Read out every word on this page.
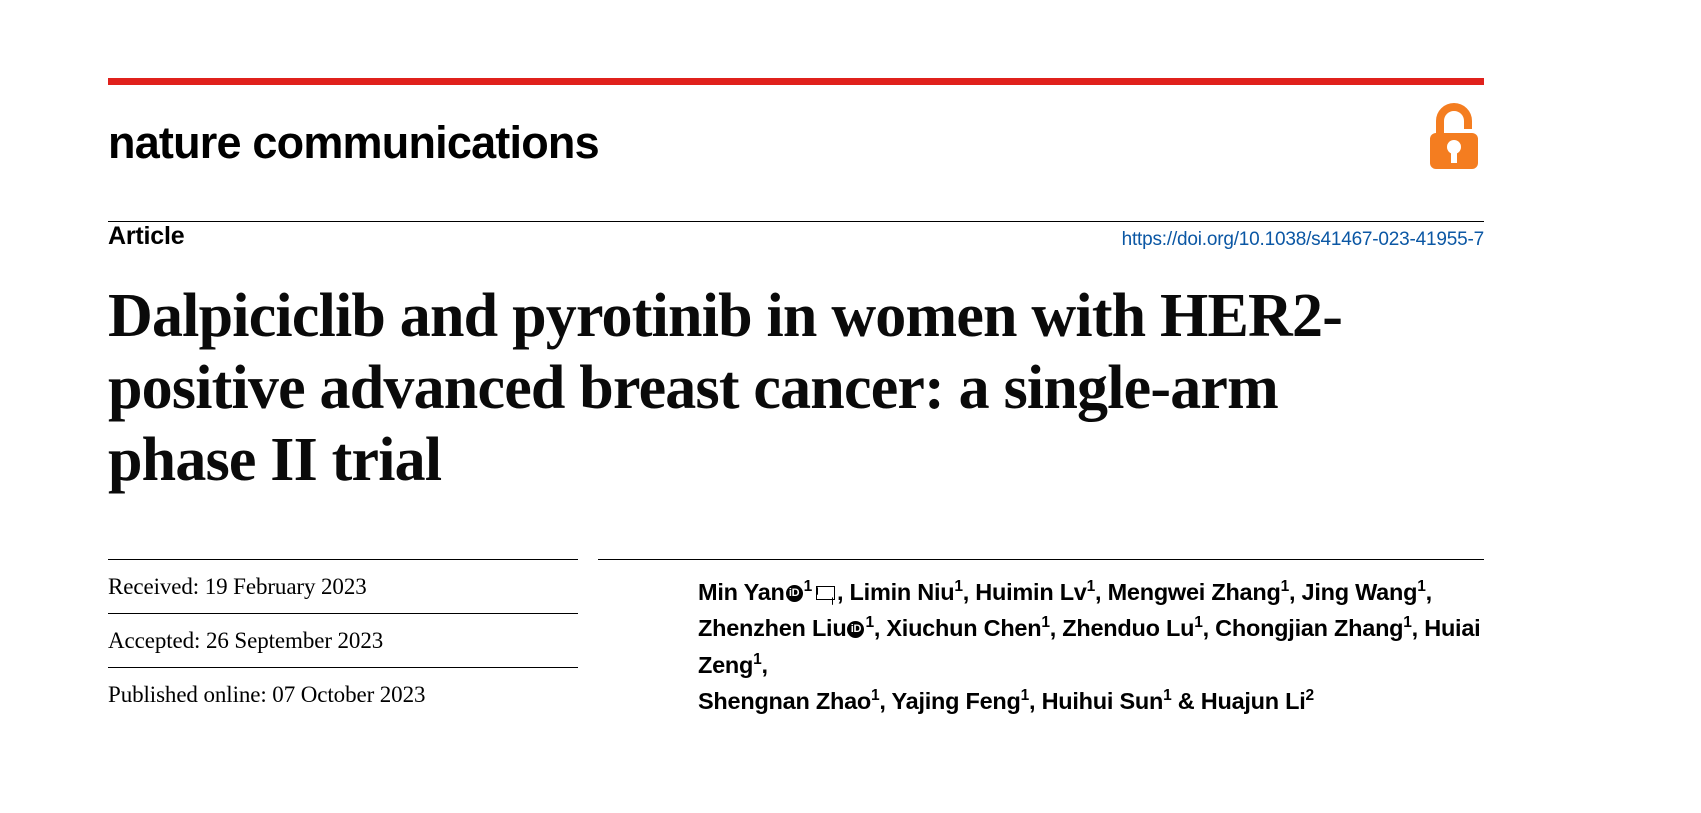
nature communications
Article	https://doi.org/10.1038/s41467-023-41955-7
Dalpiciclib and pyrotinib in women with HER2-positive advanced breast cancer: a single-arm phase II trial
Received: 19 February 2023
Accepted: 26 September 2023
Published online: 07 October 2023
Min Yan iD $^1$ , Limin Niu$^1$, Huimin Lv$^1$, Mengwei Zhang$^1$, Jing Wang$^1$,
Zhenzhen Liu iD $^1$, Xiuchun Chen$^1$, Zhenduo Lu$^1$, Chongjian Zhang$^1$, Huiai Zeng$^1$,
Shengnan Zhao$^1$, Yajing Feng$^1$, Huihui Sun$^1$ & Huajun Li$^2$
